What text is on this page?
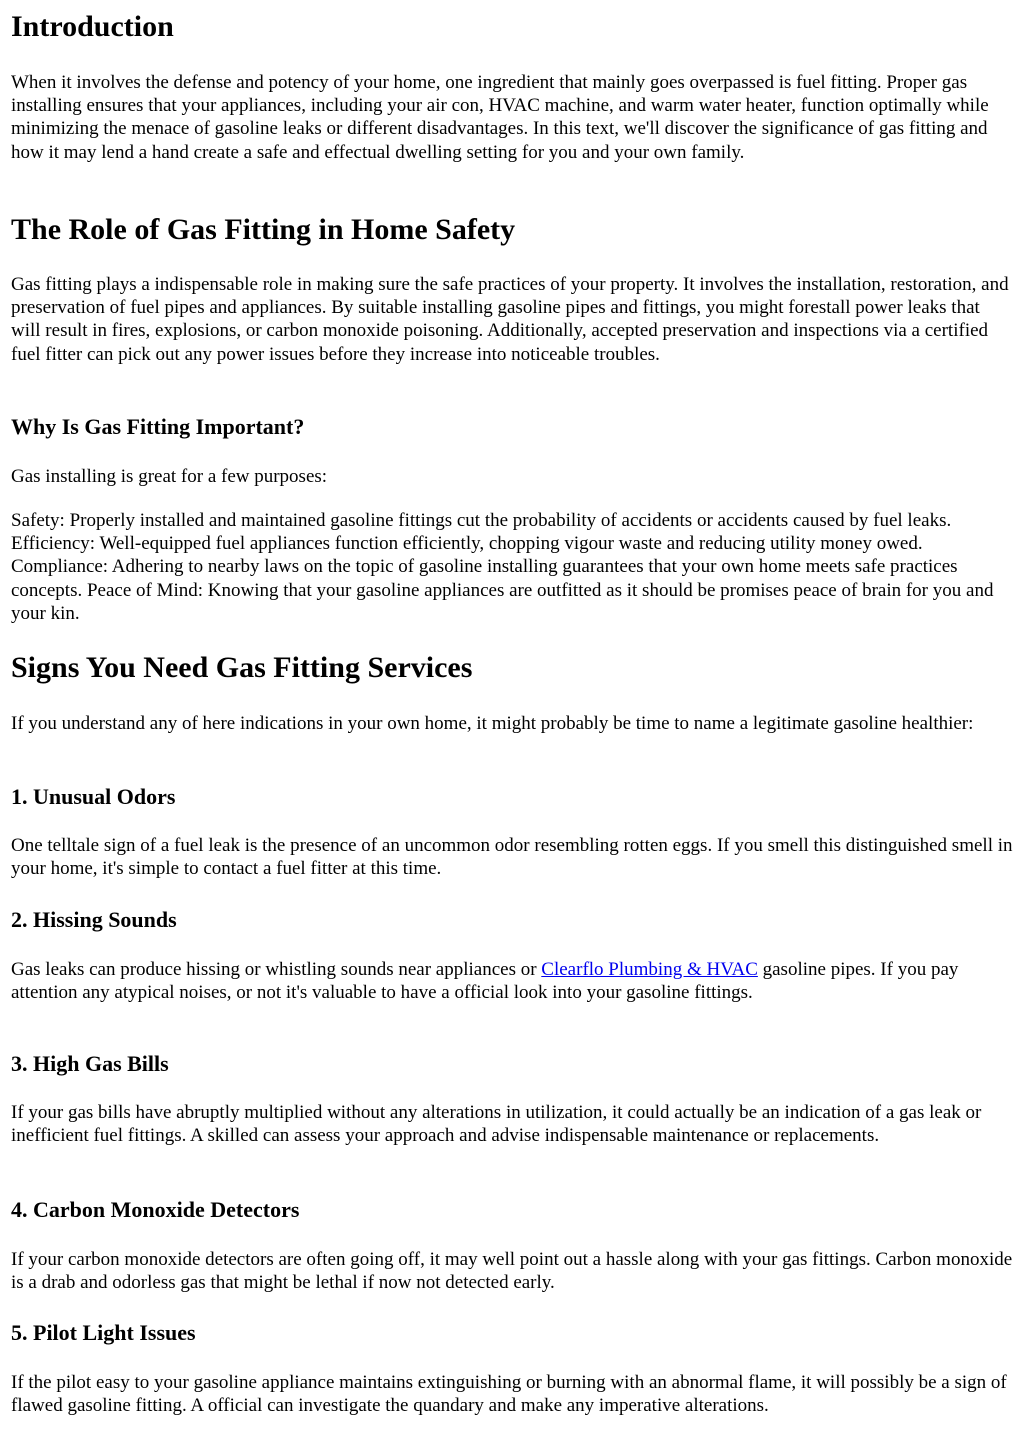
Introduction

When it involves the defense and potency of your home, one ingredient that mainly goes overpassed is fuel fitting. Proper gas installing ensures that your appliances, including your air con, HVAC machine, and warm water heater, function optimally while minimizing the menace of gasoline leaks or different disadvantages. In this text, we'll discover the significance of gas fitting and how it may lend a hand create a safe and effectual dwelling setting for you and your own family.

The Role of Gas Fitting in Home Safety

Gas fitting plays a indispensable role in making sure the safe practices of your property. It involves the installation, restoration, and preservation of fuel pipes and appliances. By suitable installing gasoline pipes and fittings, you might forestall power leaks that will result in fires, explosions, or carbon monoxide poisoning. Additionally, accepted preservation and inspections via a certified fuel fitter can pick out any power issues before they increase into noticeable troubles.

Why Is Gas Fitting Important?

Gas installing is great for a few purposes:

Safety: Properly installed and maintained gasoline fittings cut the probability of accidents or accidents caused by fuel leaks. Efficiency: Well-equipped fuel appliances function efficiently, chopping vigour waste and reducing utility money owed. Compliance: Adhering to nearby laws on the topic of gasoline installing guarantees that your own home meets safe practices concepts. Peace of Mind: Knowing that your gasoline appliances are outfitted as it should be promises peace of brain for you and your kin.

Signs You Need Gas Fitting Services

If you understand any of here indications in your own home, it might probably be time to name a legitimate gasoline healthier:

1. Unusual Odors

One telltale sign of a fuel leak is the presence of an uncommon odor resembling rotten eggs. If you smell this distinguished smell in your home, it's simple to contact a fuel fitter at this time.

2. Hissing Sounds

Gas leaks can produce hissing or whistling sounds near appliances or Clearflo Plumbing & HVAC gasoline pipes. If you pay attention any atypical noises, or not it's valuable to have a official look into your gasoline fittings.

3. High Gas Bills

If your gas bills have abruptly multiplied without any alterations in utilization, it could actually be an indication of a gas leak or inefficient fuel fittings. A skilled can assess your approach and advise indispensable maintenance or replacements.

4. Carbon Monoxide Detectors

If your carbon monoxide detectors are often going off, it may well point out a hassle along with your gas fittings. Carbon monoxide is a drab and odorless gas that might be lethal if now not detected early.

5. Pilot Light Issues

If the pilot easy to your gasoline appliance maintains extinguishing or burning with an abnormal flame, it will possibly be a sign of flawed gasoline fitting. A official can investigate the quandary and make any imperative alterations.
